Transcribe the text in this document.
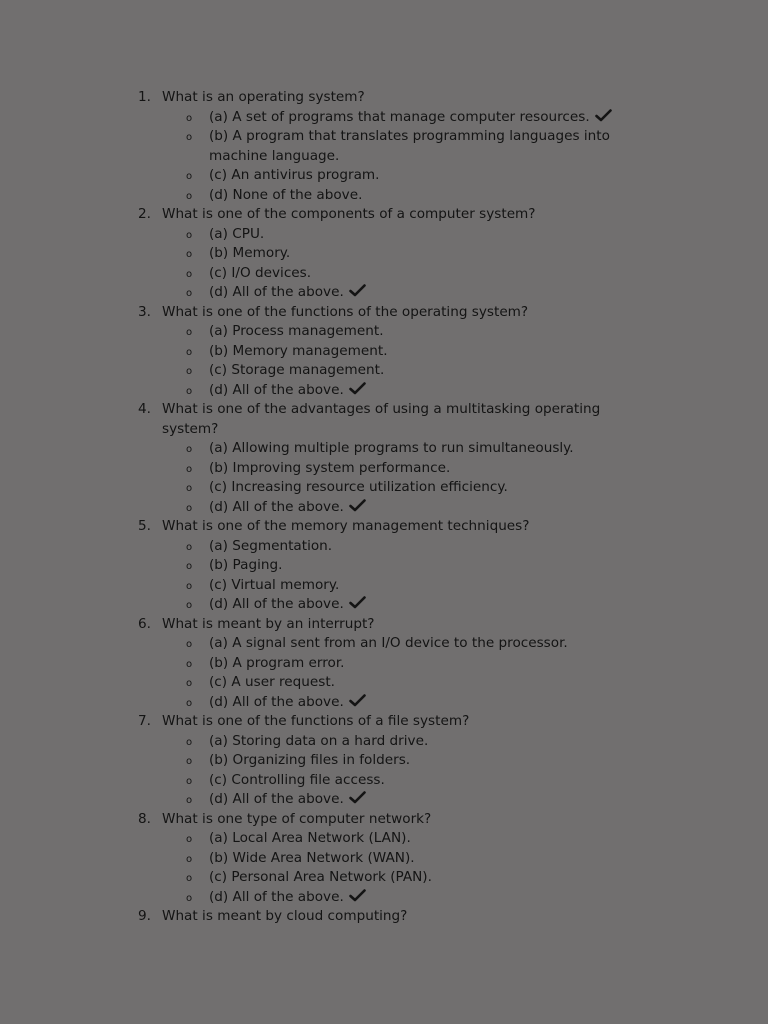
1. What is an operating system?
o (a) A set of programs that manage computer resources.
o (b) A program that translates programming languages into machine language.
o (c) An antivirus program.
o (d) None of the above.
2. What is one of the components of a computer system?
o (a) CPU.
o (b) Memory.
o (c) I/O devices.
o (d) All of the above.
3. What is one of the functions of the operating system?
o (a) Process management.
o (b) Memory management.
o (c) Storage management.
o (d) All of the above.
4. What is one of the advantages of using a multitasking operating system?
o (a) Allowing multiple programs to run simultaneously.
o (b) Improving system performance.
o (c) Increasing resource utilization efficiency.
o (d) All of the above.
5. What is one of the memory management techniques?
o (a) Segmentation.
o (b) Paging.
o (c) Virtual memory.
o (d) All of the above.
6. What is meant by an interrupt?
o (a) A signal sent from an I/O device to the processor.
o (b) A program error.
o (c) A user request.
o (d) All of the above.
7. What is one of the functions of a file system?
o (a) Storing data on a hard drive.
o (b) Organizing files in folders.
o (c) Controlling file access.
o (d) All of the above.
8. What is one type of computer network?
o (a) Local Area Network (LAN).
o (b) Wide Area Network (WAN).
o (c) Personal Area Network (PAN).
o (d) All of the above.
9. What is meant by cloud computing?
